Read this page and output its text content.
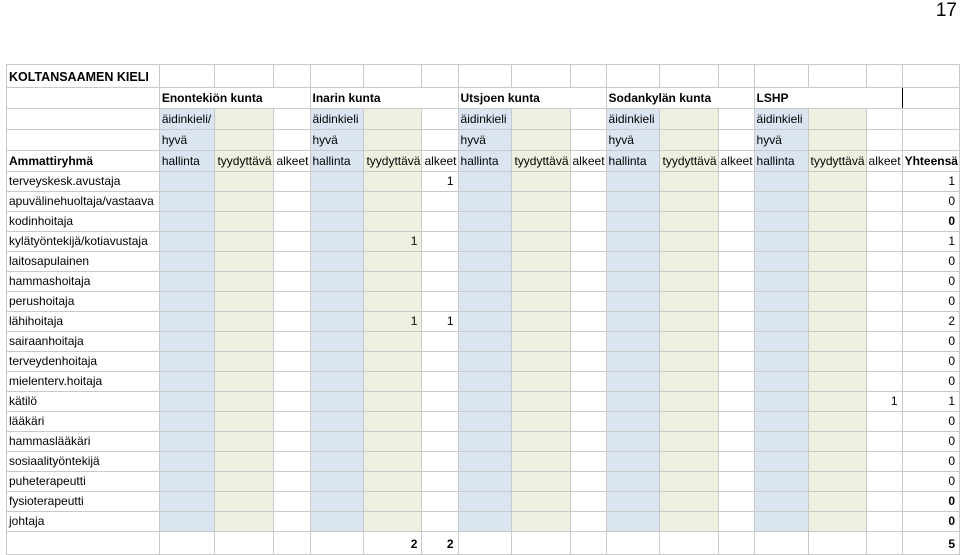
17
KOLTANSAAMEN KIELI																
	Enontekiön kunta			Inarin kunta			Utsjoen kunta			Sodankylän kunta			LSHP			
	äidinkieli/			äidinkieli			äidinkieli			äidinkieli			äidinkieli			
	hyvä			hyvä			hyvä			hyvä			hyvä			
Ammattiryhmä	hallinta	tyydyttävä	alkeet	hallinta	tyydyttävä	alkeet	hallinta	tyydyttävä	alkeet	hallinta	tyydyttävä	alkeet	hallinta	tyydyttävä	alkeet	Yhteensä
terveyskesk.avustaja						1										1
apuvälinehuoltaja/vastaava																0
kodinhoitaja																0
kylätyöntekijä/kotiavustaja					1											1
laitosapulainen																0
hammashoitaja																0
perushoitaja																0
lähihoitaja					1	1										2
sairaanhoitaja																0
terveydenhoitaja																0
mielenterv.hoitaja																0
kätilö															1	1
lääkäri																0
hammaslääkäri																0
sosiaalityöntekijä																0
puheterapeutti																0
fysioterapeutti																0
johtaja																0
					2	2										5
